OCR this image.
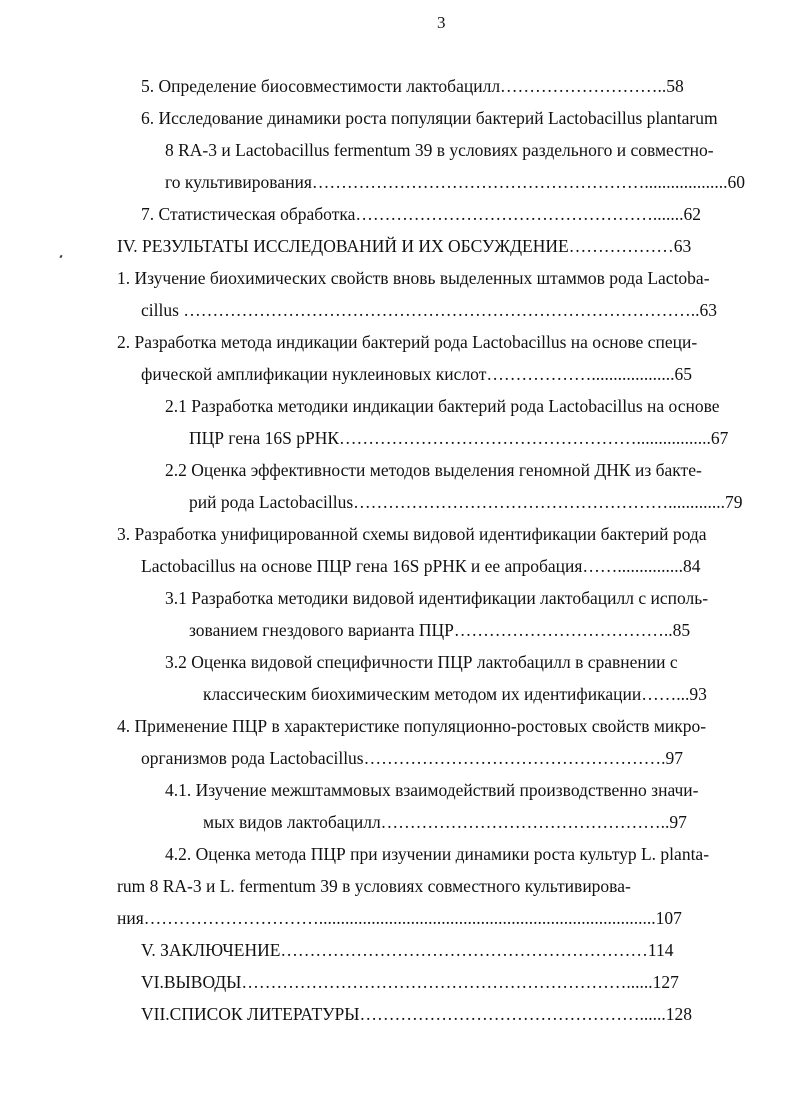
3
5. Определение биосовместимости лактобацилл………………………..58
6. Исследование динамики роста популяции бактерий Lactobacillus plantarum
8 RA-3 и Lactobacillus fermentum 39 в условиях раздельного и совместно-
го культивирования…………………………………………………...................60
7. Статистическая обработка…………………………………………….......62
IV. РЕЗУЛЬТАТЫ ИССЛЕДОВАНИЙ И ИХ ОБСУЖДЕНИЕ………………63
1. Изучение биохимических свойств вновь выделенных штаммов рода Lactoba-
cillus ……………………………………………………………………………..63
2. Разработка метода индикации бактерий рода Lactobacillus на основе специ-
фической амплификации нуклеиновых кислот………………...................65
2.1 Разработка методики индикации бактерий рода Lactobacillus на основе
ПЦР гена 16S рРНК…………………………………………….................67
2.2 Оценка эффективности методов выделения геномной ДНК из бакте-
рий рода Lactobacillus……………………………………………….............79
3. Разработка унифицированной схемы видовой идентификации бактерий рода
Lactobacillus на основе ПЦР гена 16S рРНК и ее апробация……...............84
3.1 Разработка методики видовой идентификации лактобацилл с исполь-
зованием гнездового варианта ПЦР………………………………..85
3.2 Оценка видовой специфичности ПЦР лактобацилл в сравнении с
классическим биохимическим методом их идентификации……...93
4. Применение ПЦР в характеристике популяционно-ростовых свойств микро-
организмов рода Lactobacillus…………………………………………….97
4.1. Изучение межштаммовых взаимодействий производственно значи-
мых видов лактобацилл…………………………………………..97
4.2. Оценка метода ПЦР при изучении динамики роста культур L. planta-
rum 8 RA-3 и L. fermentum 39 в условиях совместного культивирова-
ния………………………….............................................................................107
V. ЗАКЛЮЧЕНИЕ………………………………………………………114
VI.ВЫВОДЫ…………………………………………………………......127
VII.СПИСОК ЛИТЕРАТУРЫ…………………………………………......128
